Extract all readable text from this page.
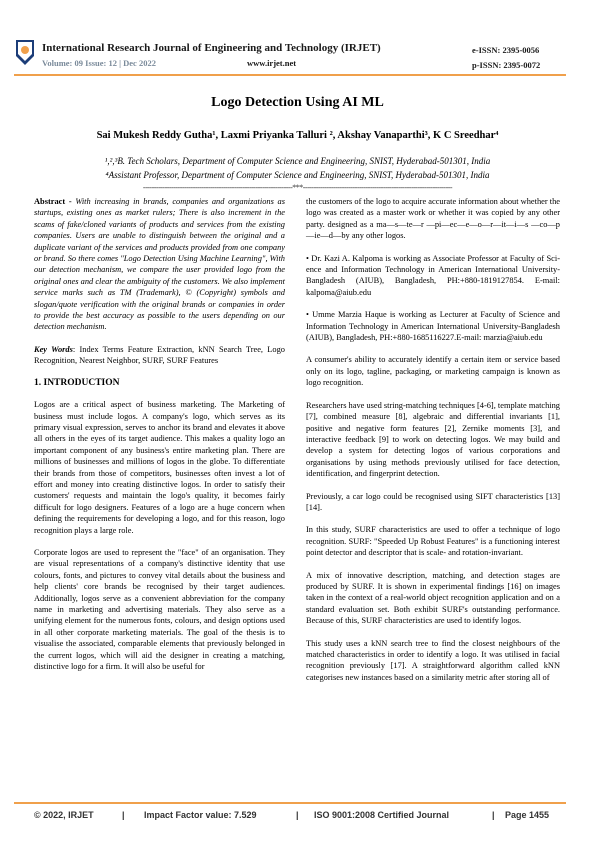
International Research Journal of Engineering and Technology (IRJET)
Volume: 09 Issue: 12 | Dec 2022	www.irjet.net
e-ISSN: 2395-0056
p-ISSN: 2395-0072
Logo Detection Using AI ML
Sai Mukesh Reddy Gutha¹, Laxmi Priyanka Talluri ², Akshay Vanaparthi³, K C Sreedhar⁴
¹,²,³B. Tech Scholars, Department of Computer Science and Engineering, SNIST, Hyderabad-501301, India
⁴Assistant Professor, Department of Computer Science and Engineering, SNIST, Hyderabad-501301, India
---------------------------------------------------------------------***---------------------------------------------------------------------

Abstract - With increasing in brands, companies and organizations as startups, existing ones as market rulers; There is also increment in the scams of fake/cloned variants of products and services from the existing companies. Users are unable to distinguish between the original and a duplicate variant of the services and products provided from one company or brand. So there comes "Logo Detection Using Machine Learning", With our detection mechanism, we compare the user provided logo from the original ones and clear the ambiguity of the customers. We also implement service marks such as TM (Trademark), © (Copyright) symbols and slogan/quote verification with the original brands or companies in order to provide the best accuracy as possible to the users depending on our detection mechanism.

Key Words: Index Terms Feature Extraction, kNN Search Tree, Logo Recognition, Nearest Neighbor, SURF, SURF Features

1. INTRODUCTION

Logos are a critical aspect of business marketing. The Marketing of business must include logos. A company's logo, which serves as its primary visual expression, serves to anchor its brand and elevates it above all others in the eyes of its target audience. This makes a quality logo an important component of any business's entire marketing plan. There are millions of businesses and millions of logos in the globe. To differentiate their brands from those of competitors, businesses often invest a lot of effort and money into creating distinctive logos. In order to satisfy their customers' requests and maintain the logo's quality, it becomes fairly difficult for logo designers. Features of a logo are a huge concern when defining the requirements for developing a logo, and for this reason, logo recognition plays a large role.

Corporate logos are used to represent the "face" of an organisation. They are visual representations of a company's distinctive identity that use colours, fonts, and pictures to convey vital details about the business and help clients' core brands be recognised by their target audiences. Additionally, logos serve as a convenient abbreviation for the company name in marketing and advertising materials. They also serve as a unifying element for the numerous fonts, colours, and design options used in all other corporate marketing materials. The goal of the thesis is to visualise the associated, comparable elements that previously belonged in the current logos, which will aid the designer in creating a matching, distinctive logo for a firm. It will also be useful for

the customers of the logo to acquire accurate information about whether the logo was created as a master work or whether it was copied by any other party. designed as a ma—s—te—r —pi—ec—e—o—r—it—i—s —co—p—ie—d—by any other logos.

• Dr. Kazi A. Kalpoma is working as Associate Professor at Faculty of Sci-ence and Information Technology in American International University- Bangladesh (AIUB), Bangladesh, PH:+880-1819127854. E-mail: kalpoma@aiub.edu

• Umme Marzia Haque is working as Lecturer at Faculty of Science and Information Technology in American International University-Bangladesh (AIUB), Bangladesh, PH:+880-1685116227.E-mail: marzia@aiub.edu

A consumer's ability to accurately identify a certain item or service based only on its logo, tagline, packaging, or marketing campaign is known as logo recognition.

Researchers have used string-matching techniques [4-6], template matching [7], combined measure [8], algebraic and differential invariants [1], positive and negative form features [2], Zernike moments [3], and interactive feedback [9] to work on detecting logos. We may build and develop a system for detecting logos of various corporations and organisations by using methods previously utilised for face detection, identification, and fingerprint detection.

Previously, a car logo could be recognised using SIFT characteristics [13] [14].

In this study, SURF characteristics are used to offer a technique of logo recognition. SURF: "Speeded Up Robust Features" is a functioning interest point detector and descriptor that is scale- and rotation-invariant.

A mix of innovative description, matching, and detection stages are produced by SURF. It is shown in experimental findings [16] on images taken in the context of a real-world object recognition application and on a standard evaluation set. Both exhibit SURF's outstanding performance. Because of this, SURF characteristics are used to identify logos.

This study uses a kNN search tree to find the closest neighbours of the matched characteristics in order to identify a logo. It was utilised in facial recognition previously [17]. A straightforward algorithm called kNN categorises new instances based on a similarity metric after storing all of

© 2022, IRJET	| Impact Factor value: 7.529	| ISO 9001:2008 Certified Journal	| Page 1455
